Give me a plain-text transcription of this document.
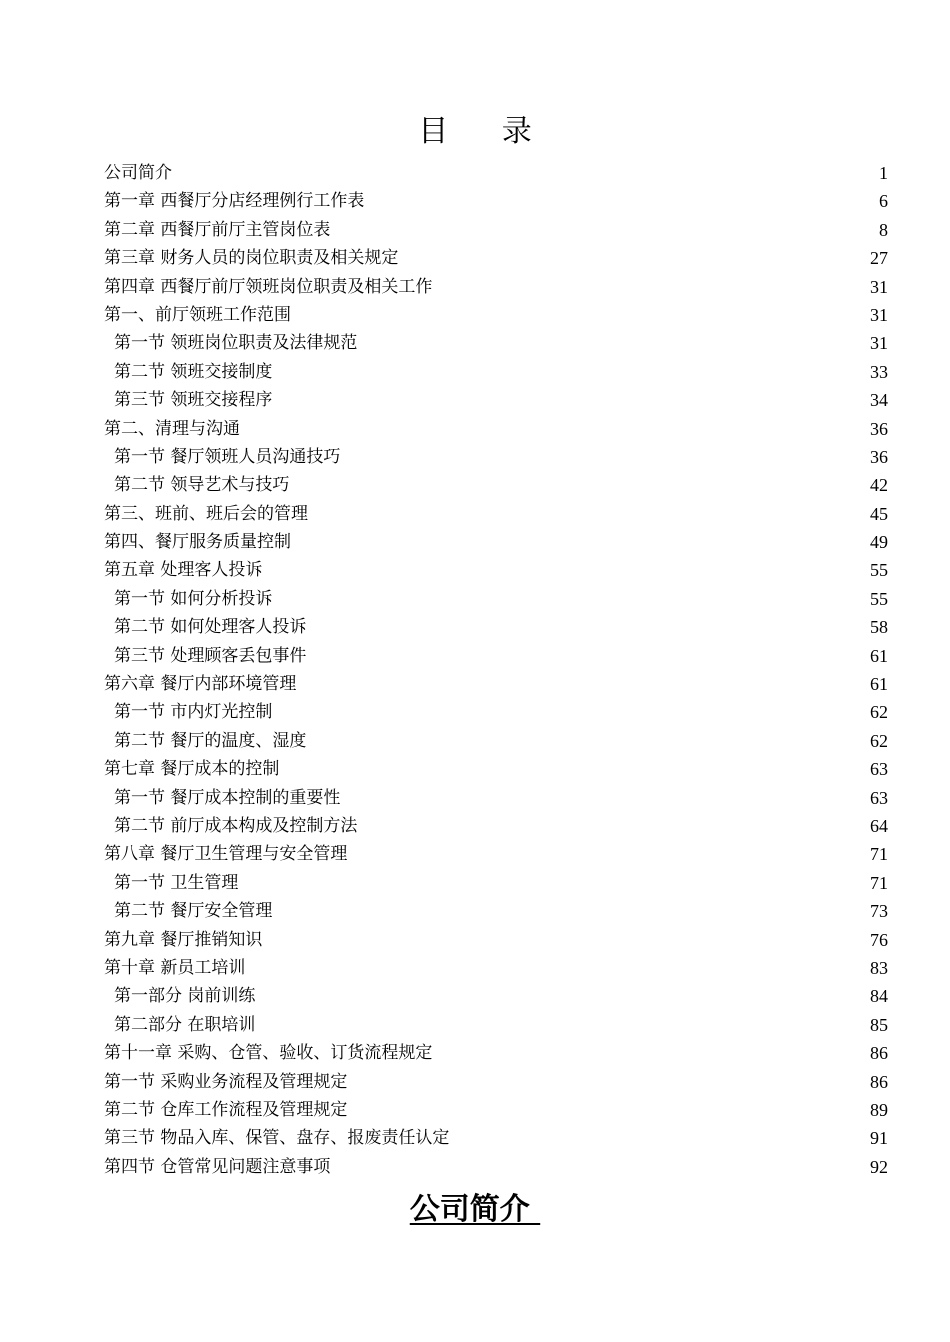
目 录
公司简介	1
第一章 西餐厅分店经理例行工作表	6
第二章 西餐厅前厅主管岗位表	8
第三章 财务人员的岗位职责及相关规定	27
第四章 西餐厅前厅领班岗位职责及相关工作	31
第一、前厅领班工作范围	31
第一节 领班岗位职责及法律规范	31
第二节 领班交接制度	33
第三节 领班交接程序	34
第二、清理与沟通	36
第一节 餐厅领班人员沟通技巧	36
第二节 领导艺术与技巧	42
第三、班前、班后会的管理	45
第四、餐厅服务质量控制	49
第五章 处理客人投诉	55
第一节 如何分析投诉	55
第二节 如何处理客人投诉	58
第三节 处理顾客丢包事件	61
第六章 餐厅内部环境管理	61
第一节 市内灯光控制	62
第二节 餐厅的温度、湿度	62
第七章 餐厅成本的控制	63
第一节 餐厅成本控制的重要性	63
第二节 前厅成本构成及控制方法	64
第八章 餐厅卫生管理与安全管理	71
第一节 卫生管理	71
第二节 餐厅安全管理	73
第九章 餐厅推销知识	76
第十章 新员工培训	83
第一部分 岗前训练	84
第二部分 在职培训	85
第十一章 采购、仓管、验收、订货流程规定	86
第一节 采购业务流程及管理规定	86
第二节 仓库工作流程及管理规定	89
第三节 物品入库、保管、盘存、报废责任认定	91
第四节 仓管常见问题注意事项	92
公司简介
